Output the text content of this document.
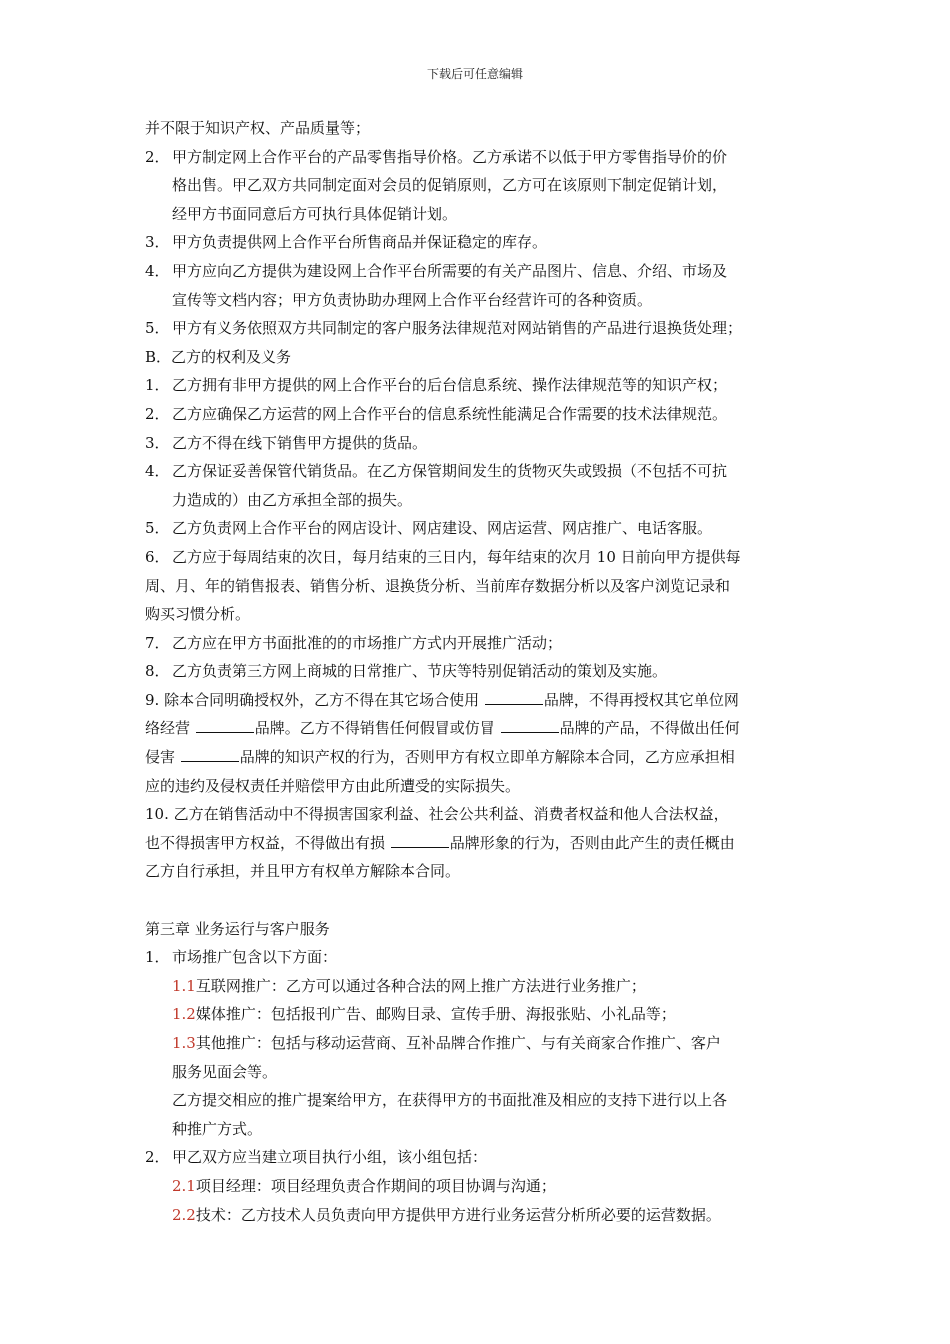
下载后可任意编辑
并不限于知识产权、产品质量等；
2． 甲方制定网上合作平台的产品零售指导价格。乙方承诺不以低于甲方零售指导价的价
格出售。甲乙双方共同制定面对会员的促销原则，乙方可在该原则下制定促销计划，
经甲方书面同意后方可执行具体促销计划。
3． 甲方负责提供网上合作平台所售商品并保证稳定的库存。
4． 甲方应向乙方提供为建设网上合作平台所需要的有关产品图片、信息、介绍、市场及
宣传等文档内容；甲方负责协助办理网上合作平台经营许可的各种资质。
5． 甲方有义务依照双方共同制定的客户服务法律规范对网站销售的产品进行退换货处理；
B．乙方的权利及义务
1． 乙方拥有非甲方提供的网上合作平台的后台信息系统、操作法律规范等的知识产权；
2． 乙方应确保乙方运营的网上合作平台的信息系统性能满足合作需要的技术法律规范。
3． 乙方不得在线下销售甲方提供的货品。
4． 乙方保证妥善保管代销货品。在乙方保管期间发生的货物灭失或毁损（不包括不可抗
力造成的）由乙方承担全部的损失。
5． 乙方负责网上合作平台的网店设计、网店建设、网店运营、网店推广、电话客服。
6． 乙方应于每周结束的次日，每月结束的三日内，每年结束的次月 10 日前向甲方提供每
周、月、年的销售报表、销售分析、退换货分析、当前库存数据分析以及客户浏览记录和
购买习惯分析。
7． 乙方应在甲方书面批准的的市场推广方式内开展推广活动；
8． 乙方负责第三方网上商城的日常推广、节庆等特别促销活动的策划及实施。
9. 除本合同明确授权外，乙方不得在其它场合使用	品牌，不得再授权其它单位网
络经营	品牌。乙方不得销售任何假冒或仿冒	品牌的产品，不得做出任何
侵害	品牌的知识产权的行为，否则甲方有权立即单方解除本合同，乙方应承担相
应的违约及侵权责任并赔偿甲方由此所遭受的实际损失。
10. 乙方在销售活动中不得损害国家利益、社会公共利益、消费者权益和他人合法权益，
也不得损害甲方权益，不得做出有损	品牌形象的行为，否则由此产生的责任概由
乙方自行承担，并且甲方有权单方解除本合同。
第三章 业务运行与客户服务
1． 市场推广包含以下方面：
1.1互联网推广：乙方可以通过各种合法的网上推广方法进行业务推广；
1.2媒体推广：包括报刊广告、邮购目录、宣传手册、海报张贴、小礼品等；
1.3其他推广：包括与移动运营商、互补品牌合作推广、与有关商家合作推广、客户
服务见面会等。
乙方提交相应的推广提案给甲方，在获得甲方的书面批准及相应的支持下进行以上各
种推广方式。
2． 甲乙双方应当建立项目执行小组，该小组包括：
2.1项目经理：项目经理负责合作期间的项目协调与沟通；
2.2技术：乙方技术人员负责向甲方提供甲方进行业务运营分析所必要的运营数据。
